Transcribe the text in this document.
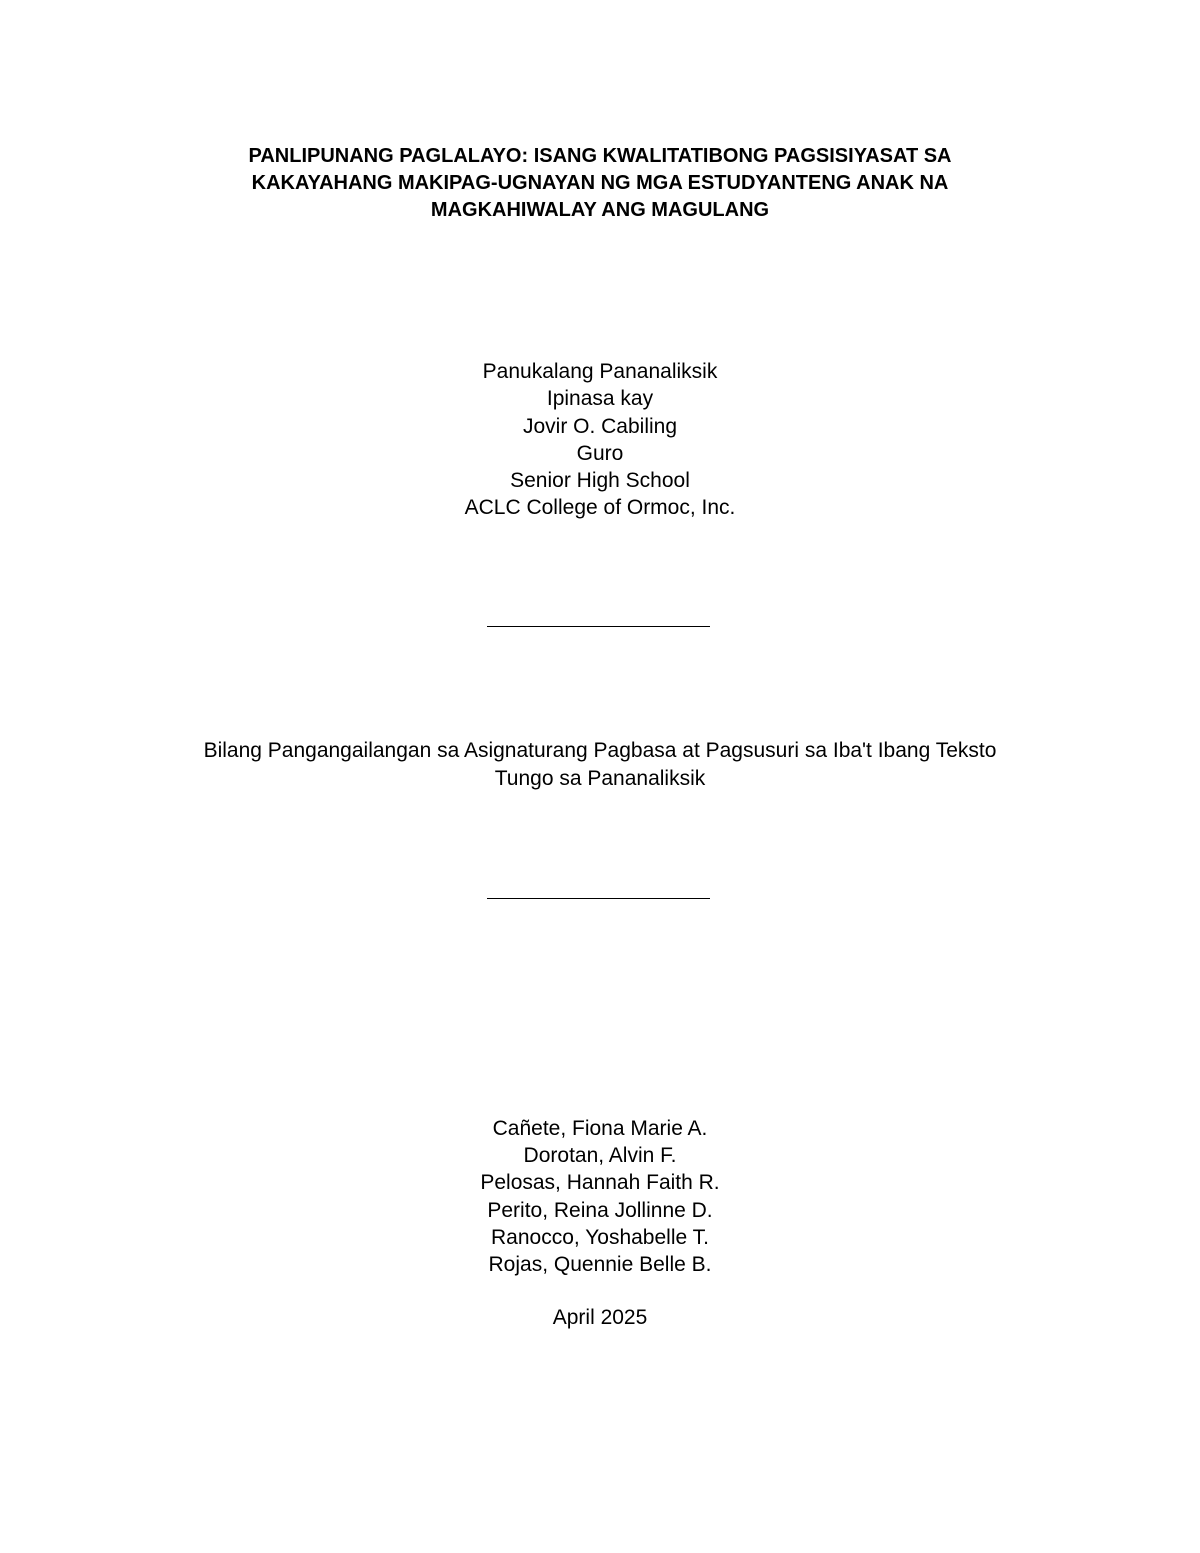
PANLIPUNANG PAGLALAYO: ISANG KWALITATIBONG PAGSISIYASAT SA
KAKAYAHANG MAKIPAG-UGNAYAN NG MGA ESTUDYANTENG ANAK NA
MAGKAHIWALAY ANG MAGULANG
Panukalang Pananaliksik
Ipinasa kay
Jovir O. Cabiling
Guro
Senior High School
ACLC College of Ormoc, Inc.
Bilang Pangangailangan sa Asignaturang Pagbasa at Pagsusuri sa Iba't Ibang Teksto
Tungo sa Pananaliksik
Cañete, Fiona Marie A.
Dorotan, Alvin F.
Pelosas, Hannah Faith R.
Perito, Reina Jollinne D.
Ranocco, Yoshabelle T.
Rojas, Quennie Belle B.
April 2025
